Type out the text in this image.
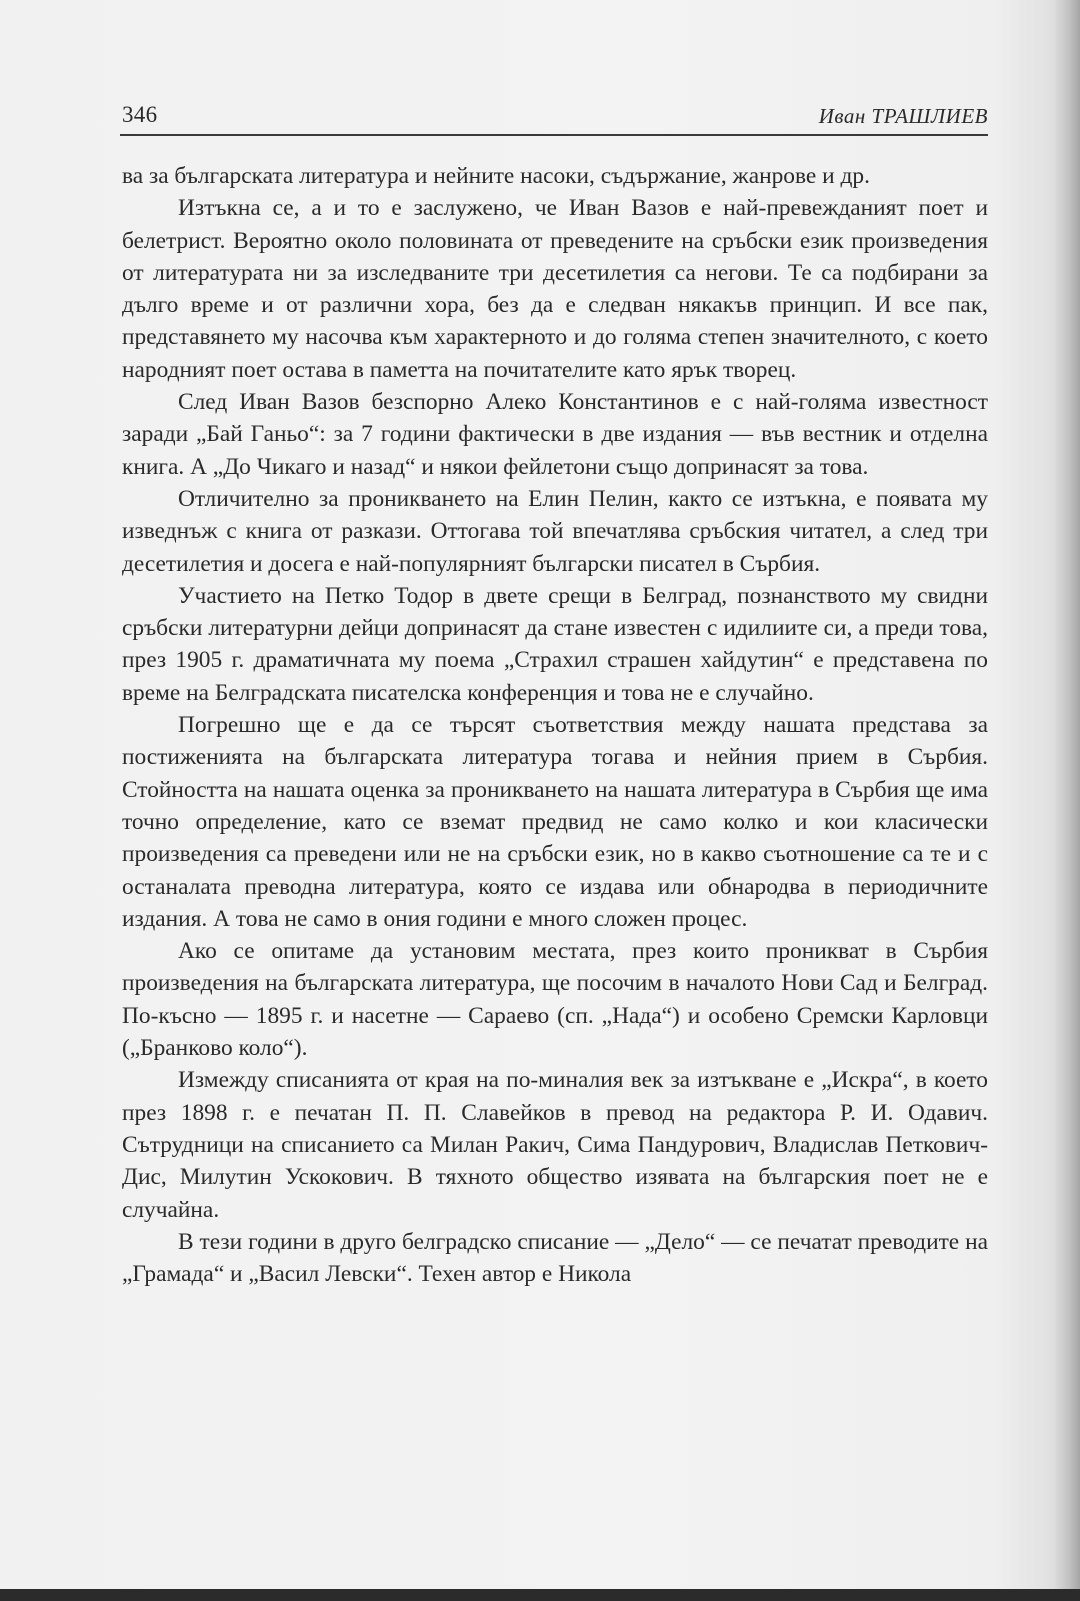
346	Иван ТРАШЛИЕВ

ва за българската литература и нейните насоки, съдържание, жанрове и др.

Изтъкна се, а и то е заслужено, че Иван Вазов е най-превежданият поет и белетрист. Вероятно около половината от преведените на сръбски език произведения от литературата ни за изследваните три десетилетия са негови. Те са подбирани за дълго време и от различни хора, без да е следван някакъв принцип. И все пак, представянето му насочва към характерното и до голяма степен значителното, с което народният поет остава в паметта на почитателите като ярък творец.

След Иван Вазов безспорно Алеко Константинов е с най-голяма известност заради „Бай Ганьо“: за 7 години фактически в две издания — във вестник и отделна книга. А „До Чикаго и назад“ и някои фейлетони също допринасят за това.

Отличително за проникването на Елин Пелин, както се изтъкна, е появата му изведнъж с книга от разкази. Оттогава той впечатлява сръбския читател, а след три десетилетия и досега е най-популярният български писател в Сърбия.

Участието на Петко Тодор в двете срещи в Белград, познанството му свидни сръбски литературни дейци допринасят да стане известен с идилиите си, а преди това, през 1905 г. драматичната му поема „Страхил страшен хайдутин“ е представена по време на Белградската писателска конференция и това не е случайно.

Погрешно ще е да се търсят съответствия между нашата представа за постиженията на българската литература тогава и нейния прием в Сърбия. Стойността на нашата оценка за проникването на нашата литература в Сърбия ще има точно определение, като се вземат предвид не само колко и кои класически произведения са преведени или не на сръбски език, но в какво съотношение са те и с останалата преводна литература, която се издава или обнародва в периодичните издания. А това не само в ония години е много сложен процес.

Ако се опитаме да установим местата, през които проникват в Сърбия произведения на българската литература, ще посочим в началото Нови Сад и Белград. По-късно — 1895 г. и насетне — Сараево (сп. „Нада“) и особено Сремски Карловци („Бранково коло“).

Измежду списанията от края на по-миналия век за изтъкване е „Искра“, в което през 1898 г. е печатан П. П. Славейков в превод на редактора Р. И. Одавич. Сътрудници на списанието са Милан Ракич, Сима Пандурович, Владислав Петкович-Дис, Милутин Ускокович. В тяхното общество изявата на българския поет не е случайна.

В тези години в друго белградско списание — „Дело“ — се печатат преводите на „Грамада“ и „Васил Левски“. Техен автор е Никола
